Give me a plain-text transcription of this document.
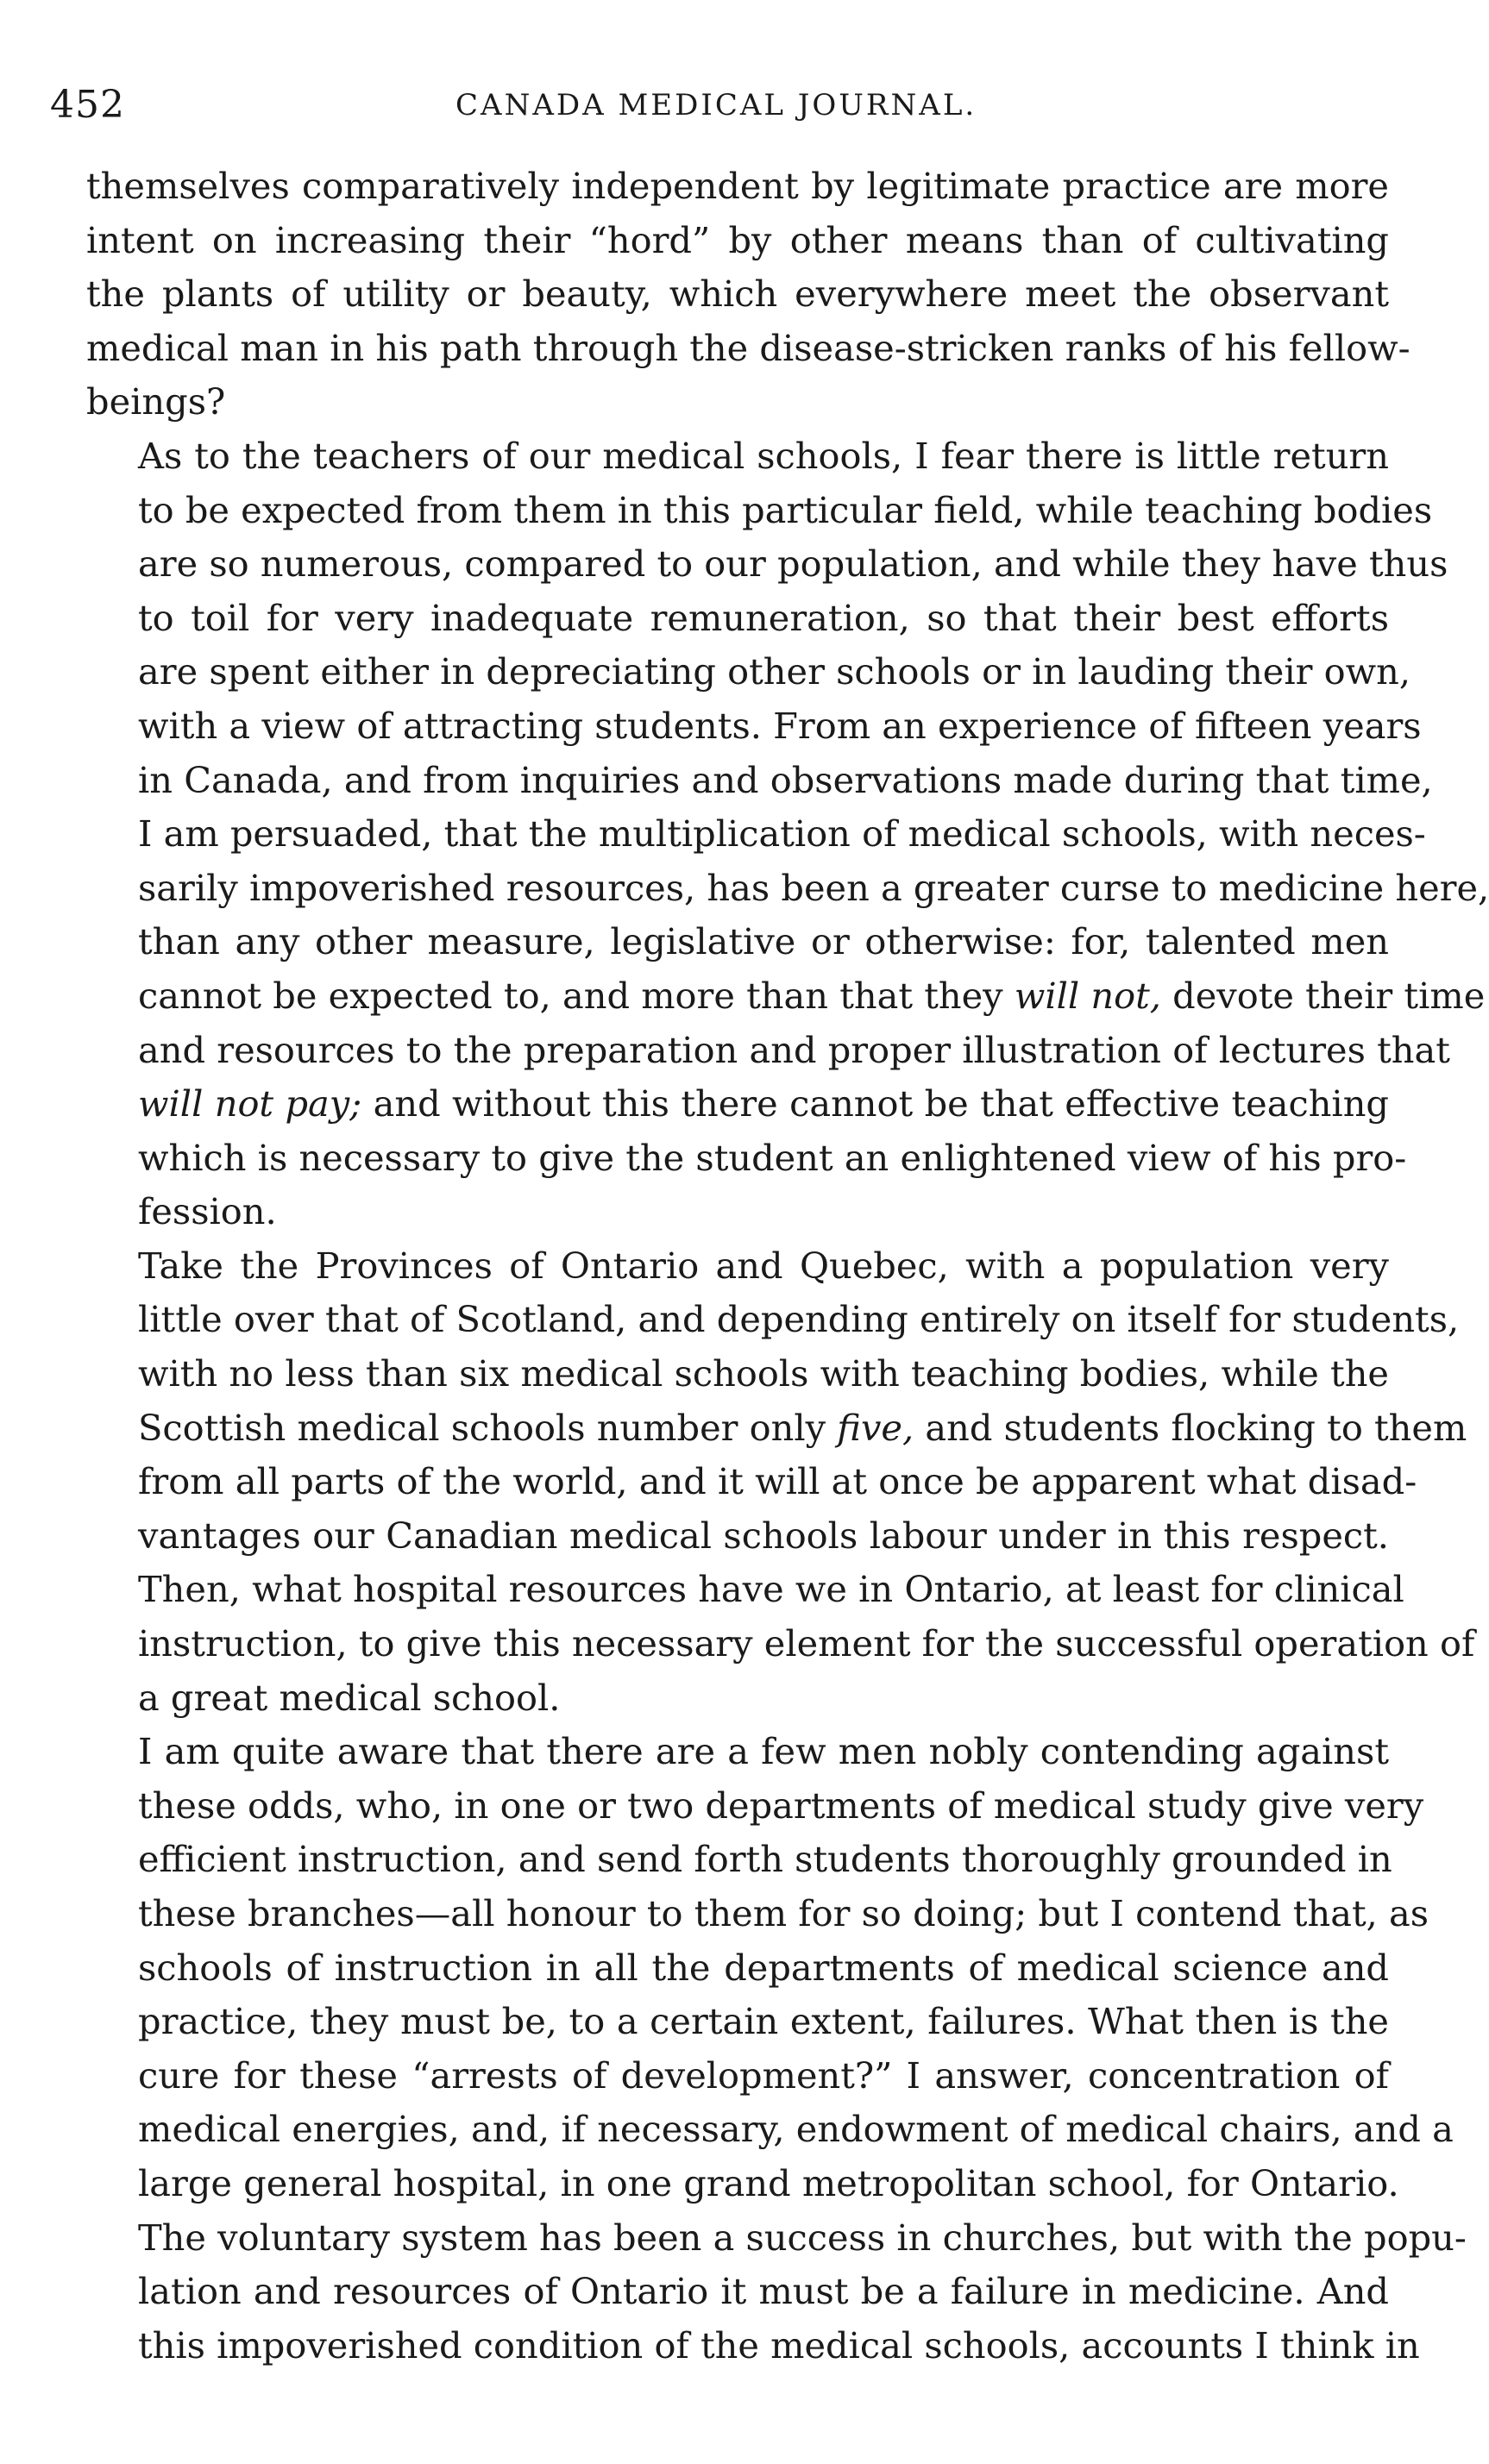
452	CANADA MEDICAL JOURNAL.
themselves comparatively independent by legitimate practice are more
intent on increasing their “hord” by other means than of cultivating
the plants of utility or beauty, which everywhere meet the observant
medical man in his path through the disease-stricken ranks of his fellow-
beings?
As to the teachers of our medical schools, I fear there is little return
to be expected from them in this particular field, while teaching bodies
are so numerous, compared to our population, and while they have thus
to toil for very inadequate remuneration, so that their best efforts
are spent either in depreciating other schools or in lauding their own,
with a view of attracting students. From an experience of fifteen years
in Canada, and from inquiries and observations made during that time,
I am persuaded, that the multiplication of medical schools, with neces-
sarily impoverished resources, has been a greater curse to medicine here,
than any other measure, legislative or otherwise: for, talented men
cannot be expected to, and more than that they will not, devote their time
and resources to the preparation and proper illustration of lectures that
will not pay; and without this there cannot be that effective teaching
which is necessary to give the student an enlightened view of his pro-
fession.
Take the Provinces of Ontario and Quebec, with a population very
little over that of Scotland, and depending entirely on itself for students,
with no less than six medical schools with teaching bodies, while the
Scottish medical schools number only five, and students flocking to them
from all parts of the world, and it will at once be apparent what disad-
vantages our Canadian medical schools labour under in this respect.
Then, what hospital resources have we in Ontario, at least for clinical
instruction, to give this necessary element for the successful operation of
a great medical school.
I am quite aware that there are a few men nobly contending against
these odds, who, in one or two departments of medical study give very
efficient instruction, and send forth students thoroughly grounded in
these branches—all honour to them for so doing; but I contend that, as
schools of instruction in all the departments of medical science and
practice, they must be, to a certain extent, failures. What then is the
cure for these “arrests of development?” I answer, concentration of
medical energies, and, if necessary, endowment of medical chairs, and a
large general hospital, in one grand metropolitan school, for Ontario.
The voluntary system has been a success in churches, but with the popu-
lation and resources of Ontario it must be a failure in medicine. And
this impoverished condition of the medical schools, accounts I think in
